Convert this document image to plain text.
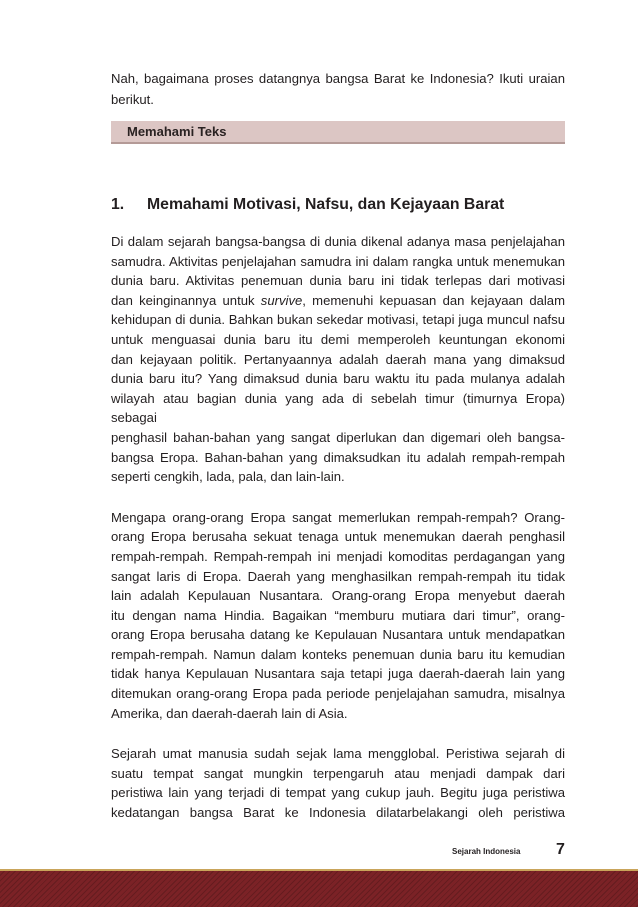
Nah, bagaimana proses datangnya bangsa Barat ke Indonesia? Ikuti uraian berikut.

Memahami Teks
1. Memahami Motivasi, Nafsu, dan Kejayaan Barat

Di dalam sejarah bangsa-bangsa di dunia dikenal adanya masa penjelajahan
samudra. Aktivitas penjelajahan samudra ini dalam rangka untuk menemukan
dunia baru. Aktivitas penemuan dunia baru ini tidak terlepas dari motivasi
dan keinginannya untuk survive, memenuhi kepuasan dan kejayaan dalam
kehidupan di dunia. Bahkan bukan sekedar motivasi, tetapi juga muncul nafsu
untuk menguasai dunia baru itu demi memperoleh keuntungan ekonomi
dan kejayaan politik. Pertanyaannya adalah daerah mana yang dimaksud
dunia baru itu? Yang dimaksud dunia baru waktu itu pada mulanya adalah
wilayah atau bagian dunia yang ada di sebelah timur (timurnya Eropa) sebagai
penghasil bahan-bahan yang sangat diperlukan dan digemari oleh bangsa-
bangsa Eropa. Bahan-bahan yang dimaksudkan itu adalah rempah-rempah
seperti cengkih, lada, pala, dan lain-lain.

Mengapa orang-orang Eropa sangat memerlukan rempah-rempah? Orang-
orang Eropa berusaha sekuat tenaga untuk menemukan daerah penghasil
rempah-rempah. Rempah-rempah ini menjadi komoditas perdagangan yang
sangat laris di Eropa. Daerah yang menghasilkan rempah-rempah itu tidak
lain adalah Kepulauan Nusantara. Orang-orang Eropa menyebut daerah
itu dengan nama Hindia. Bagaikan “memburu mutiara dari timur”, orang-
orang Eropa berusaha datang ke Kepulauan Nusantara untuk mendapatkan
rempah-rempah. Namun dalam konteks penemuan dunia baru itu kemudian
tidak hanya Kepulauan Nusantara saja tetapi juga daerah-daerah lain yang
ditemukan orang-orang Eropa pada periode penjelajahan samudra, misalnya
Amerika, dan daerah-daerah lain di Asia.

Sejarah umat manusia sudah sejak lama mengglobal. Peristiwa sejarah di
suatu tempat sangat mungkin terpengaruh atau menjadi dampak dari
peristiwa lain yang terjadi di tempat yang cukup jauh. Begitu juga peristiwa
kedatangan bangsa Barat ke Indonesia dilatarbelakangi oleh peristiwa

Sejarah Indonesia 7
